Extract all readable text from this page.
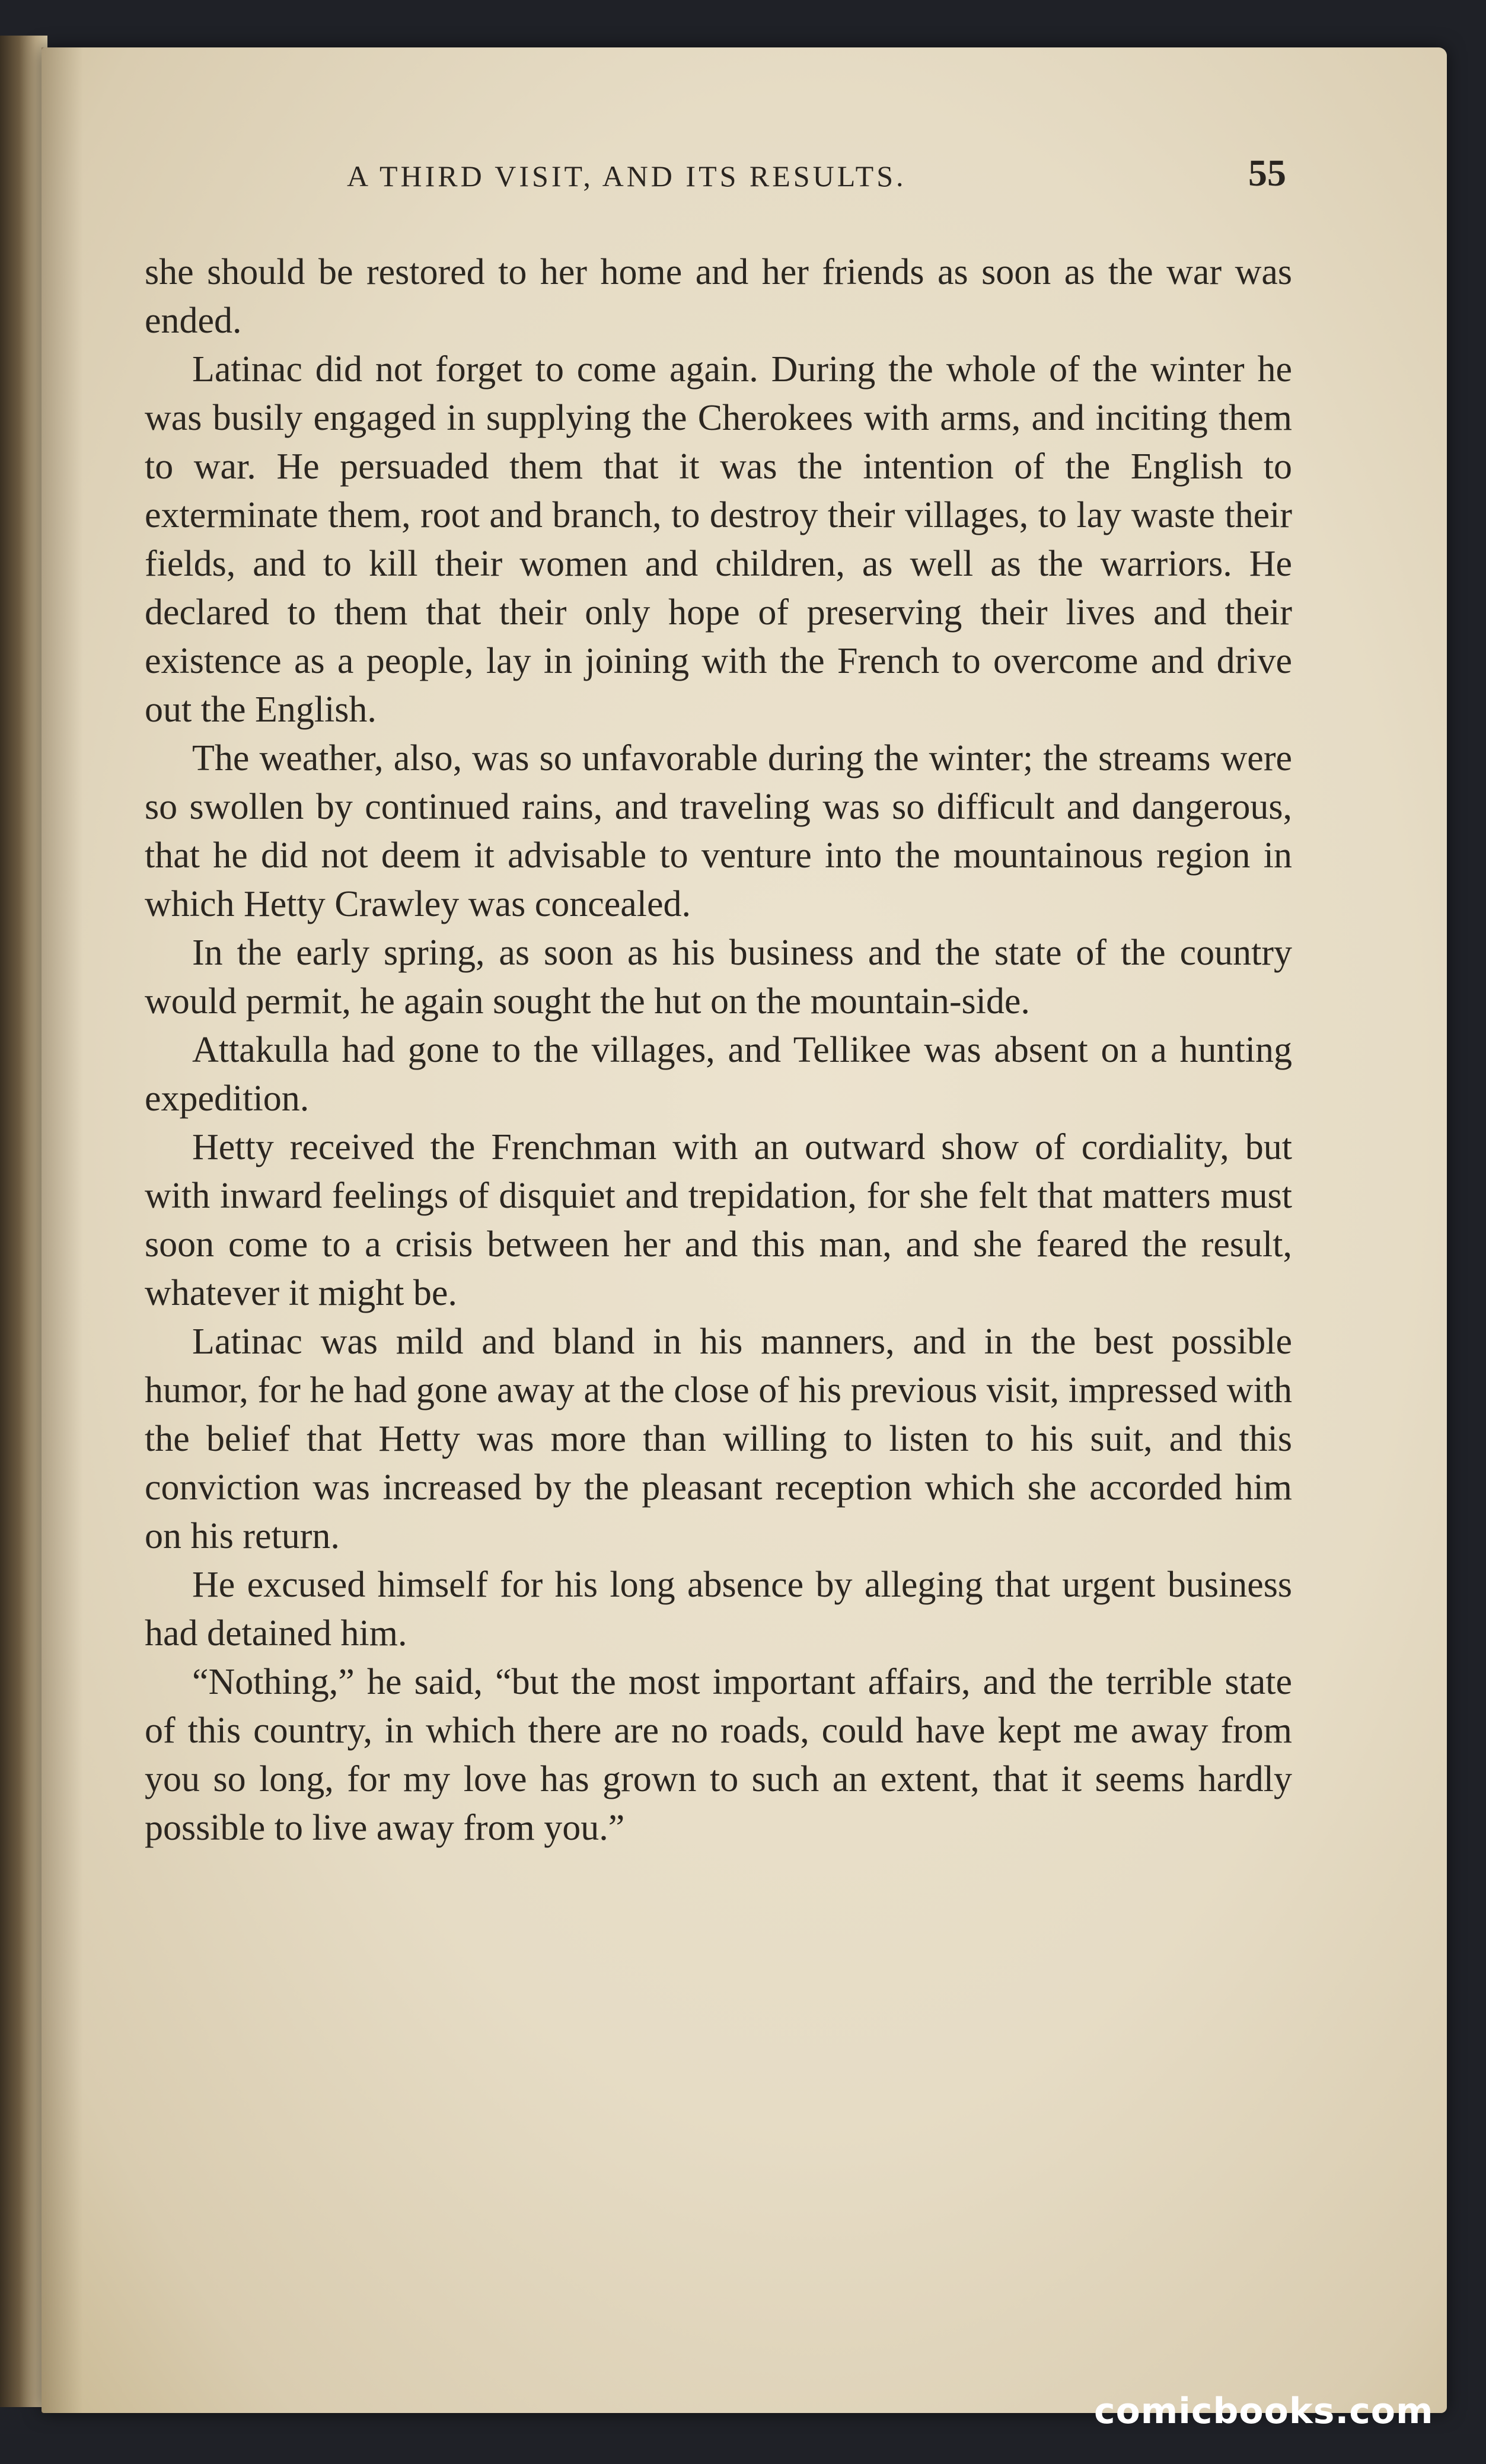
A THIRD VISIT, AND ITS RESULTS.	55

she should be restored to her home and her friends as soon as the war was ended.

Latinac did not forget to come again. During the whole of the winter he was busily engaged in supplying the Cherokees with arms, and inciting them to war. He persuaded them that it was the intention of the English to exterminate them, root and branch, to destroy their villages, to lay waste their fields, and to kill their women and children, as well as the warriors. He declared to them that their only hope of preserving their lives and their existence as a people, lay in joining with the French to overcome and drive out the English.

The weather, also, was so unfavorable during the winter; the streams were so swollen by continued rains, and traveling was so difficult and dangerous, that he did not deem it advisable to venture into the mountainous region in which Hetty Crawley was concealed.

In the early spring, as soon as his business and the state of the country would permit, he again sought the hut on the mountain-side.

Attakulla had gone to the villages, and Tellikee was absent on a hunting expedition.

Hetty received the Frenchman with an outward show of cordiality, but with inward feelings of disquiet and trepidation, for she felt that matters must soon come to a crisis between her and this man, and she feared the result, whatever it might be.

Latinac was mild and bland in his manners, and in the best possible humor, for he had gone away at the close of his previous visit, impressed with the belief that Hetty was more than willing to listen to his suit, and this conviction was increased by the pleasant reception which she accorded him on his return.

He excused himself for his long absence by alleging that urgent business had detained him.

“Nothing,” he said, “but the most important affairs, and the terrible state of this country, in which there are no roads, could have kept me away from you so long, for my love has grown to such an extent, that it seems hardly possible to live away from you.”

comicbooks.com
